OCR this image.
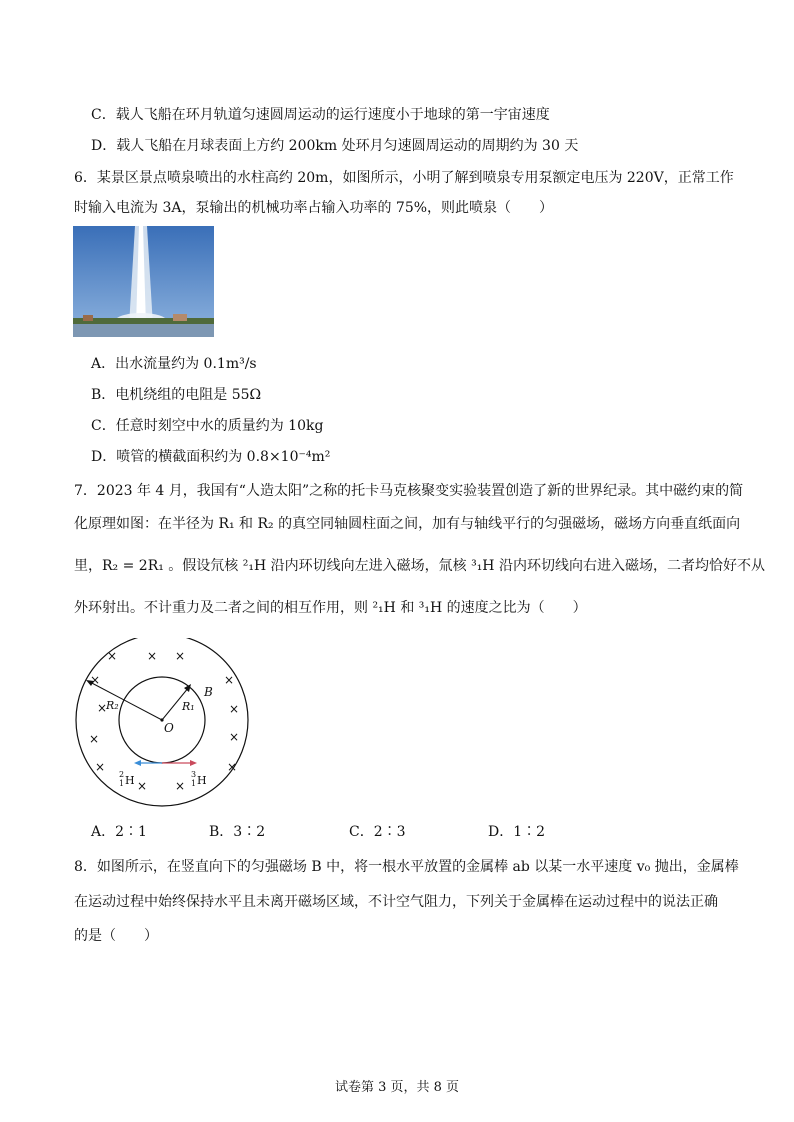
C．载人飞船在环月轨道匀速圆周运动的运行速度小于地球的第一宇宙速度
D．载人飞船在月球表面上方约 200km 处环月匀速圆周运动的周期约为 30 天
6．某景区景点喷泉喷出的水柱高约 20m，如图所示，小明了解到喷泉专用泵额定电压为 220V，正常工作
时输入电流为 3A，泵输出的机械功率占输入功率的 75%，则此喷泉（　　）
A．出水流量约为 0.1m³/s
B．电机绕组的电阻是 55Ω
C．任意时刻空中水的质量约为 10kg
D．喷管的横截面积约为 0.8×10⁻⁴m²
7．2023 年 4 月，我国有“人造太阳”之称的托卡马克核聚变实验装置创造了新的世界纪录。其中磁约束的简
化原理如图：在半径为 R₁ 和 R₂ 的真空同轴圆柱面之间，加有与轴线平行的匀强磁场，磁场方向垂直纸面向
里，R₂ = 2R₁ 。假设氘核 ²₁H 沿内环切线向左进入磁场，氚核 ³₁H 沿内环切线向右进入磁场，二者均恰好不从
外环射出。不计重力及二者之间的相互作用，则 ²₁H 和 ³₁H 的速度之比为（　　）
× × ×
×	×
×	×
×	×
×	×
× ×
B
R₁
R₂
O
2
1 H	3
1 H
A．2∶1	B．3∶2	C．2∶3	D．1∶2
8．如图所示，在竖直向下的匀强磁场 B 中，将一根水平放置的金属棒 ab 以某一水平速度 v₀ 抛出，金属棒
在运动过程中始终保持水平且未离开磁场区域，不计空气阻力，下列关于金属棒在运动过程中的说法正确
的是（　　）
试卷第 3 页，共 8 页
